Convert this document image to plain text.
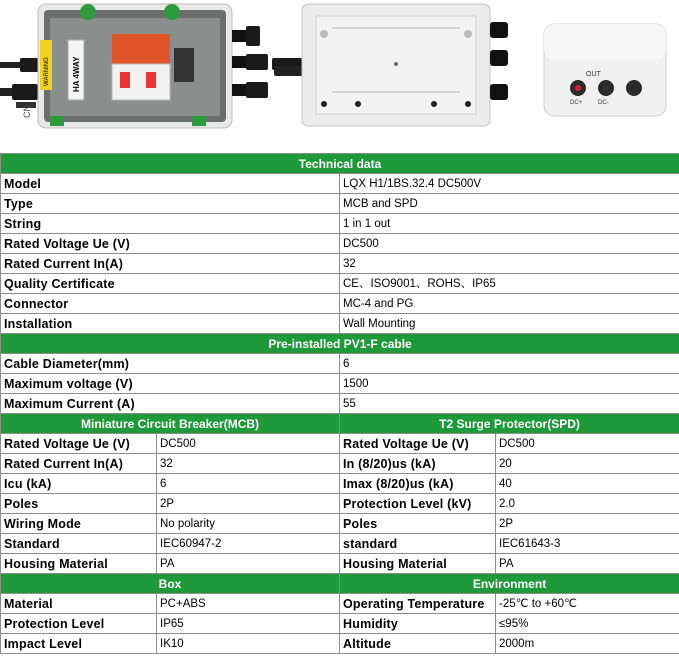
WARNING
CN
HA 4WAY	OUT
DC+	DC-
Technical data			
Model		LQX H1/1BS.32.4 DC500V	
Type		MCB and SPD	
String		1 in 1 out	
Rated Voltage Ue (V)		DC500	
Rated Current In(A)		32	
Quality Certificate		CE、ISO9001、ROHS、IP65	
Connector		MC-4 and PG	
Installation		Wall Mounting	
Pre-installed PV1-F cable			
Cable Diameter(mm)		6	
Maximum voltage (V)		1500	
Maximum Current (A)		55	
Miniature Circuit Breaker(MCB)		T2 Surge Protector(SPD)	
Rated Voltage Ue (V)	DC500	Rated Voltage Ue (V)	DC500
Rated Current In(A)	32	In (8/20)us (kA)	20
Icu (kA)	6	Imax (8/20)us (kA)	40
Poles	2P	Protection Level (kV)	2.0
Wiring Mode	No polarity	Poles	2P
Standard	IEC60947-2	standard	IEC61643-3
Housing Material	PA	Housing Material	PA
Box		Environment	
Material	PC+ABS	Operating Temperature	-25℃ to +60℃
Protection Level	IP65	Humidity	≤95%
Impact Level	IK10	Altitude	2000m
